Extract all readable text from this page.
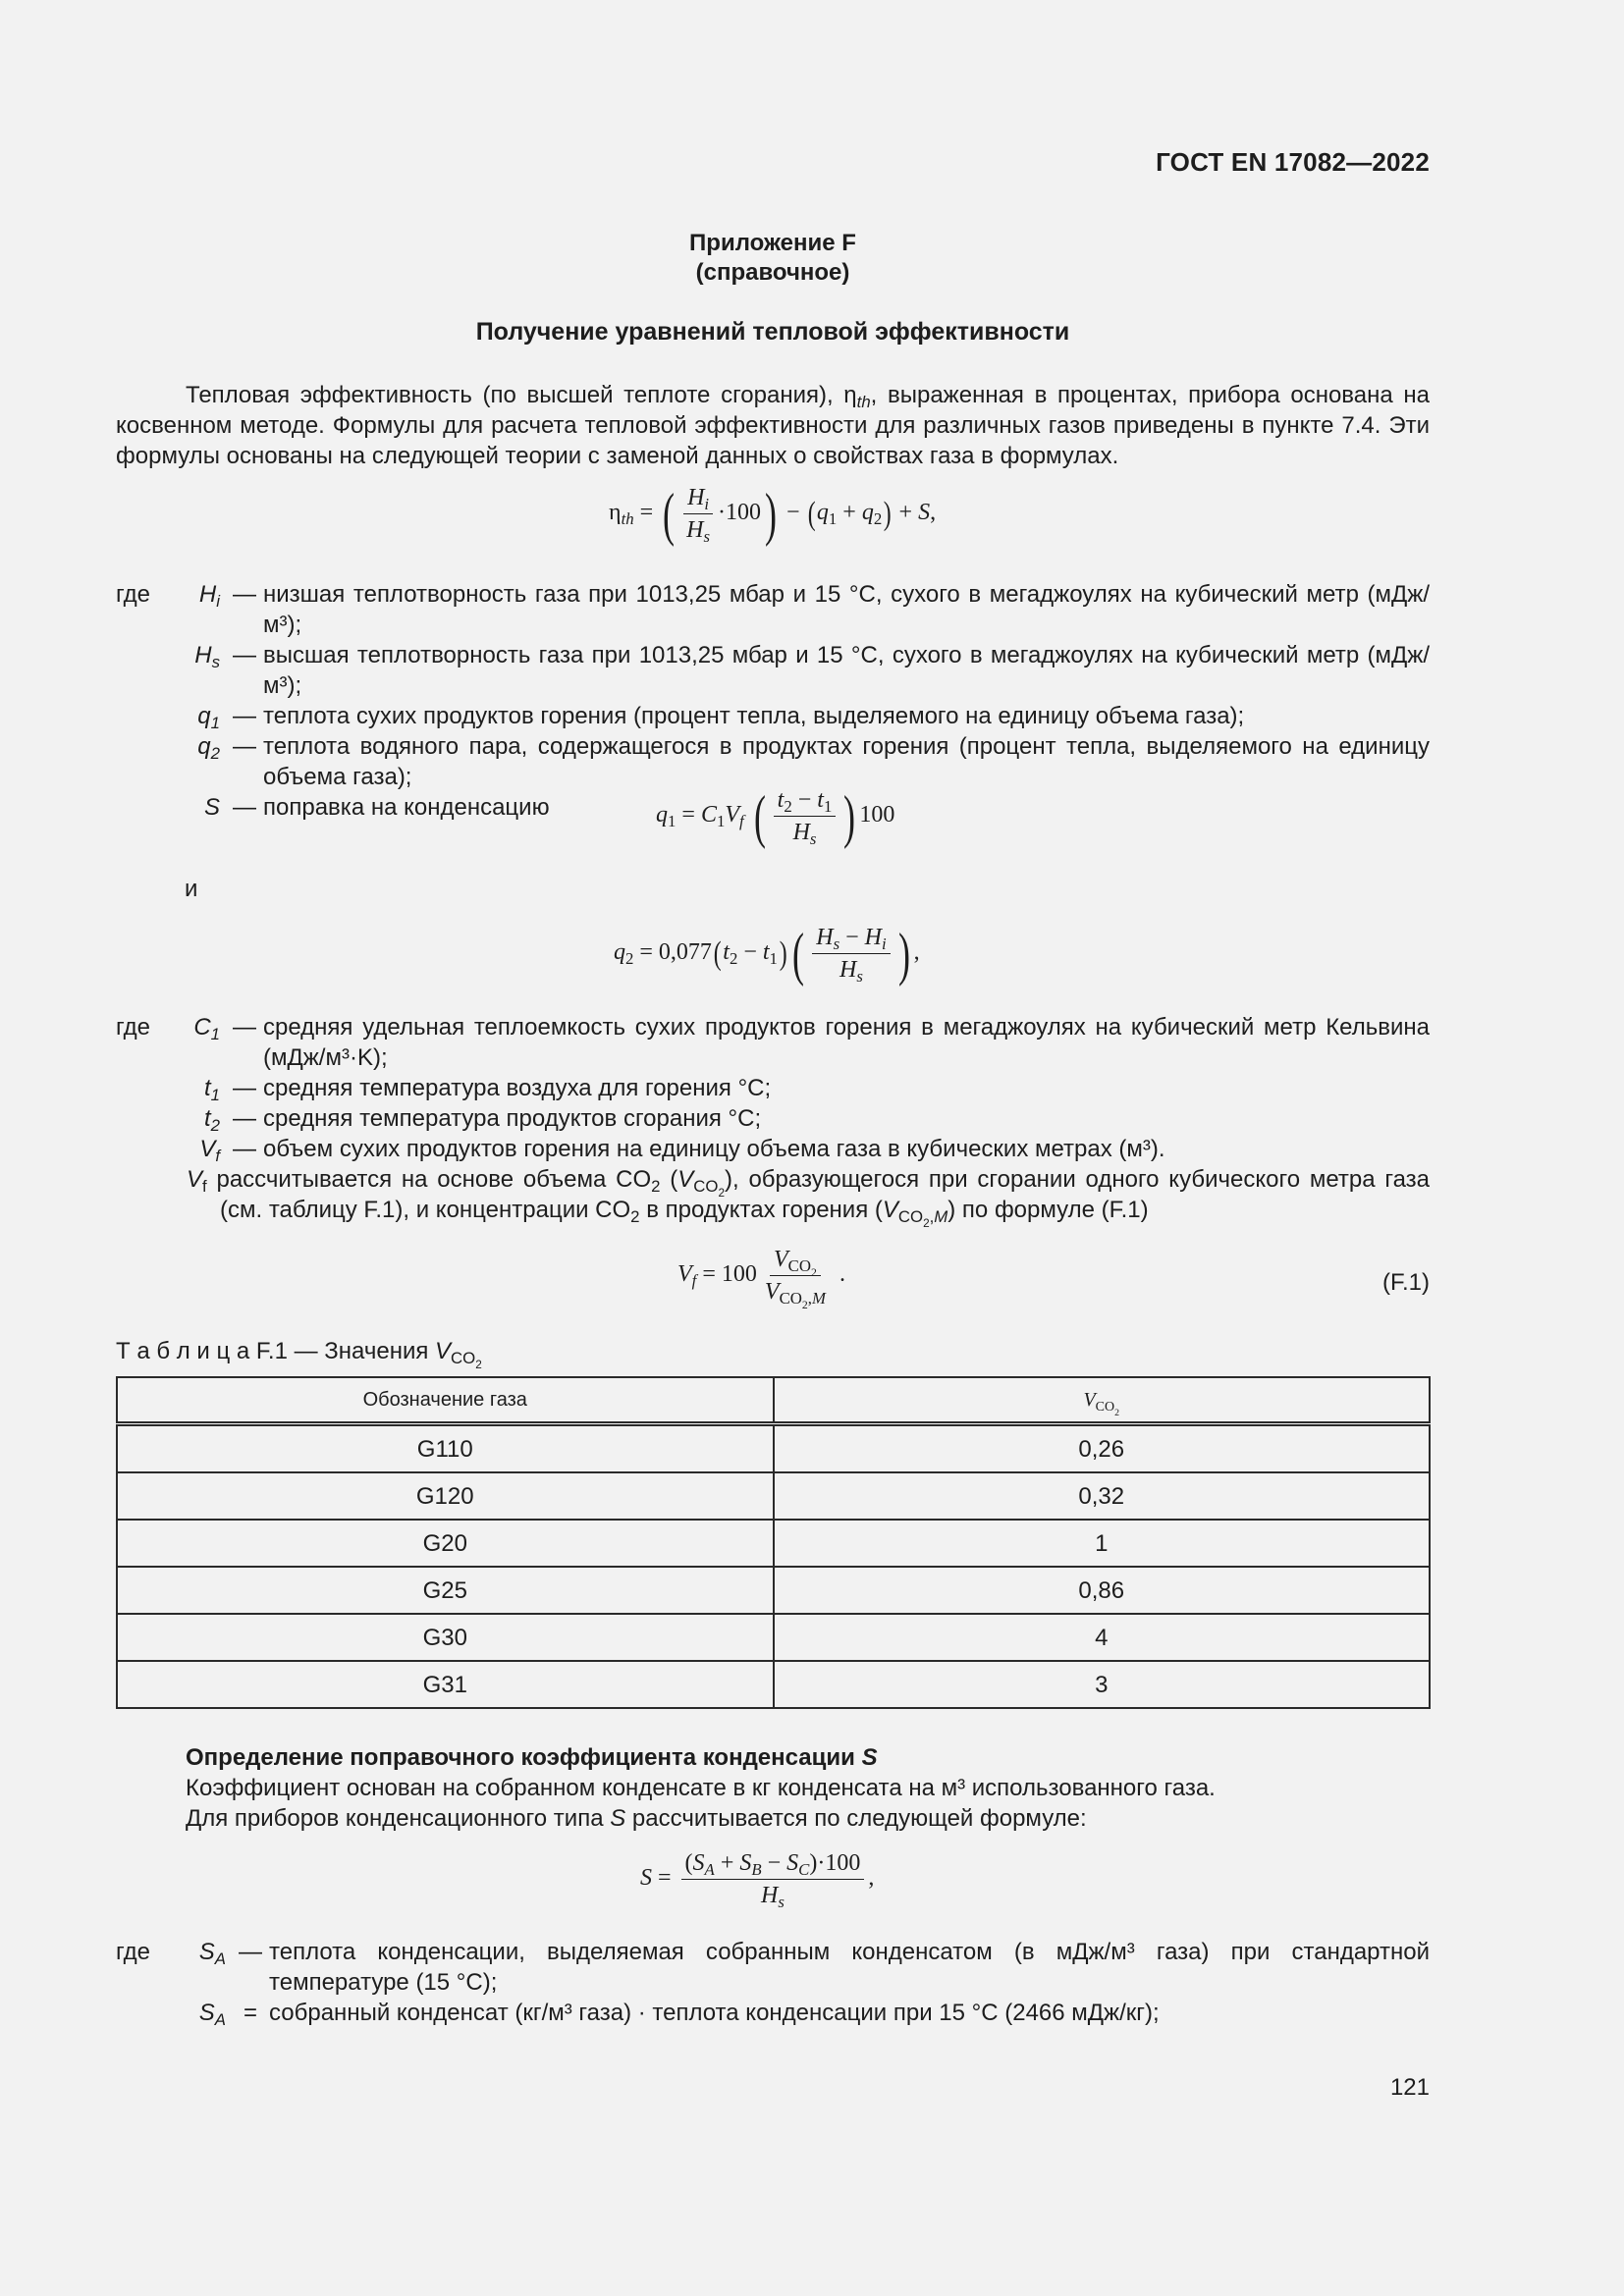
ГОСТ EN 17082—2022
Приложение F
(справочное)
Получение уравнений тепловой эффективности
Тепловая эффективность (по высшей теплоте сгорания), $\eta_{th}$, выраженная в процентах, прибора основана на косвенном методе. Формулы для расчета тепловой эффективности для различных газов приведены в пункте 7.4. Эти формулы основаны на следующей теории с заменой данных о свойствах газа в формулах.
$\eta_{th}$ = ( $\frac{H_i}{H_s} \cdot 100) - (q_1 + q_2) + S$,
где	$H_i$ — низшая теплотворность газа при 1013,25 мбар и 15 °С, сухого в мегаджоулях на кубический метр (мДж/м³);
$H_s$ — высшая теплотворность газа при 1013,25 мбар и 15 °С, сухого в мегаджоулях на кубический метр (мДж/м³);
$q_1$ — теплота сухих продуктов горения (процент тепла, выделяемого на единицу объема газа);
$q_2$ — теплота водяного пара, содержащегося в продуктах горения (процент тепла, выделяемого на единицу объема газа);
S — поправка на конденсацию	$q_1 = C_1V_f$ ( $\frac{t_2 - t_1}{H_s}$ ) 100
и
$q_2 = 0,077(t_2 - t_1)( \frac{H_s - H_i}{H_s}$ ) ,
где	$C_1$ — средняя удельная теплоемкость сухих продуктов горения в мегаджоулях на кубический метр Кельвина (мДж/м³·K);
$t_1$ — средняя температура воздуха для горения °С;
$t_2$ — средняя температура продуктов сгорания °С;
$V_f$ — объем сухих продуктов горения на единицу объема газа в кубических метрах (м³).
$V_f$ рассчитывается на основе объема $CO_2$ $(V_{CO_2})$, образующегося при сгорании одного кубического метра газа (см. таблицу F.1), и концентрации $CO_2$ в продуктах горения $(V_{CO_2,M})$ по формуле (F.1)
$V_f = 100 \frac{V_{CO_2}}{V_{CO_2,M}}$ .	(F.1)
Т а б л и ц а F.1 — Значения $V_{CO_2}$
Обозначение газа	$V_{CO_2}$
G110	0,26
G120	0,32
G20	1
G25	0,86
G30	4
G31	3
Определение поправочного коэффициента конденсации S
Коэффициент основан на собранном конденсате в кг конденсата на м³ использованного газа.
Для приборов конденсационного типа S рассчитывается по следующей формуле:
$S = \frac{(S_A + S_B - S_C)\cdot 100}{H_s}$ ,
где	$S_A$ — теплота конденсации, выделяемая собранным конденсатом (в мДж/м³ газа) при стандартной температуре (15 °С);
$S_A$ = собранный конденсат (кг/м³ газа) · теплота конденсации при 15 °С (2466 мДж/кг);
121
